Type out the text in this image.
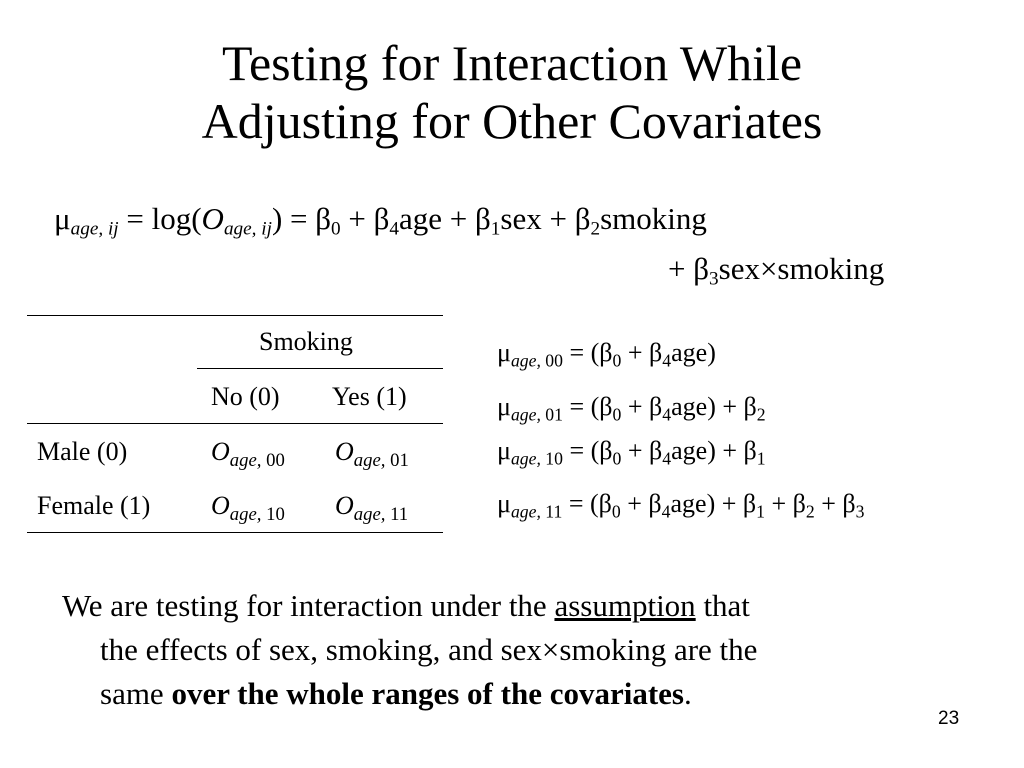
Testing for Interaction While
Adjusting for Other Covariates
$\mu_{age, ij} = \log(O_{age, ij}) = \beta_0 + \beta_4age + \beta_1sex$ + $\beta_2smoking$
+ $\beta_3sex\times smoking$
Smoking
No (0) Yes (1)
Male (0)	$O_{age, 00}$ $O_{age, 01}$
Female (1) $O_{age, 10}$ $O_{age, 11}$
$\mu_{age, 00} = (\beta_0 + \beta_4age)$
$\mu_{age, 01} = (\beta_0 + \beta_4age) + \beta_2$
$\mu_{age, 10} = (\beta_0 + \beta_4age) + \beta_1$
$\mu_{age, 11} = (\beta_0 + \beta_4age) + \beta_1 + \beta_2 + \beta_3$
We are testing for interaction under the assumption that
the effects of sex, smoking, and sex×smoking are the
same over the whole ranges of the covariates.
23
